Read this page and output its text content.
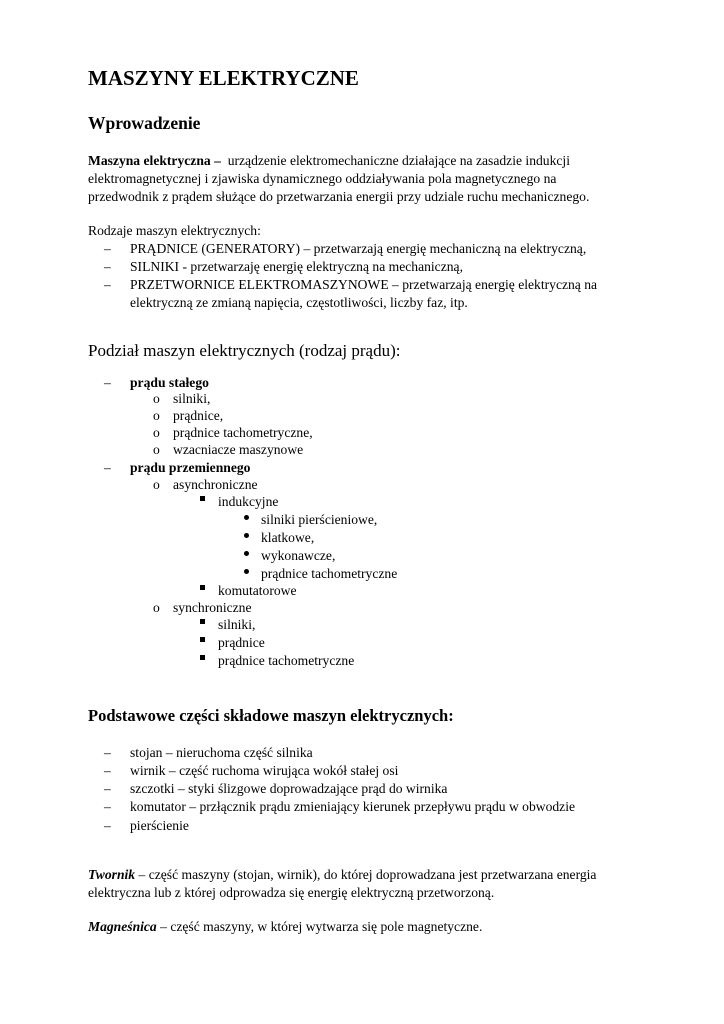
MASZYNY ELEKTRYCZNE
Wprowadzenie
Maszyna elektryczna – urządzenie elektromechaniczne działające na zasadzie indukcji
elektromagnetycznej i zjawiska dynamicznego oddziaływania pola magnetycznego na
przedwodnik z prądem służące do przetwarzania energii przy udziale ruchu mechanicznego.
Rodzaje maszyn elektrycznych:
– PRĄDNICE (GENERATORY) – przetwarzają energię mechaniczną na elektryczną,
– SILNIKI - przetwarzaję energię elektryczną na mechaniczną,
– PRZETWORNICE ELEKTROMASZYNOWE – przetwarzają energię elektryczną na
elektryczną ze zmianą napięcia, częstotliwości, liczby faz, itp.
Podział maszyn elektrycznych (rodzaj prądu):
– prądu stałego
o silniki,
o prądnice,
o prądnice tachometryczne,
o wzacniacze maszynowe
– prądu przemiennego
o asynchroniczne
indukcyjne
silniki pierścieniowe,
klatkowe,
wykonawcze,
prądnice tachometryczne
komutatorowe
o synchroniczne
silniki,
prądnice
prądnice tachometryczne
Podstawowe części składowe maszyn elektrycznych:
– stojan – nieruchoma część silnika
– wirnik – część ruchoma wirująca wokół stałej osi
– szczotki – styki ślizgowe doprowadzające prąd do wirnika
– komutator – przłącznik prądu zmieniający kierunek przepływu prądu w obwodzie
– pierścienie
Twornik – część maszyny (stojan, wirnik), do której doprowadzana jest przetwarzana energia
elektryczna lub z której odprowadza się energię elektryczną przetworzoną.
Magneśnica – część maszyny, w której wytwarza się pole magnetyczne.
